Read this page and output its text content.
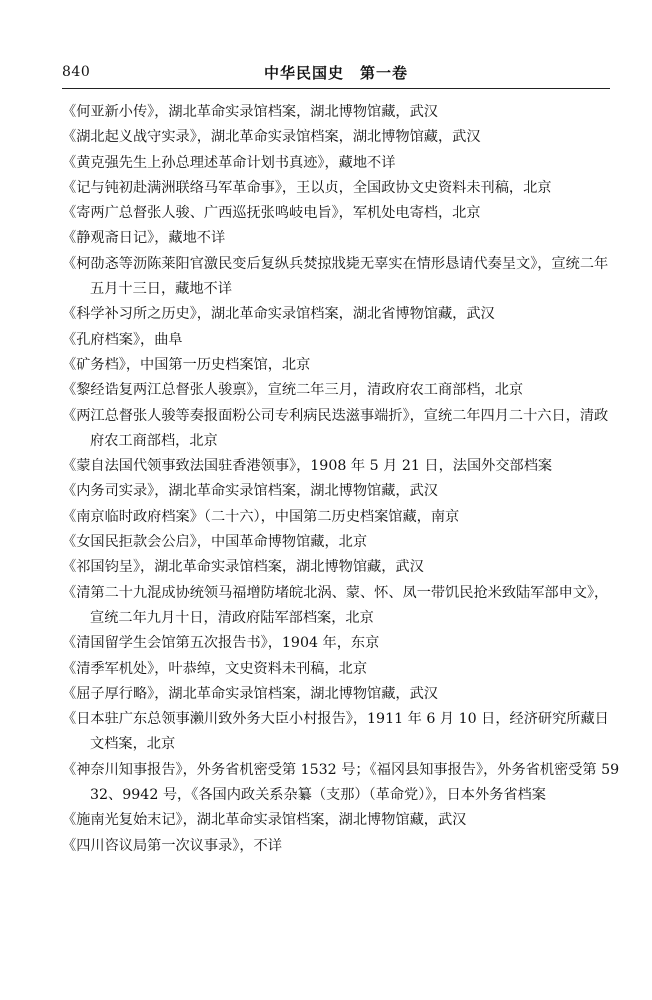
840	中华民国史　第一卷
《何亚新小传》，湖北革命实录馆档案，湖北博物馆藏，武汉
《湖北起义战守实录》，湖北革命实录馆档案，湖北博物馆藏，武汉
《黄克强先生上孙总理述革命计划书真迹》，藏地不详
《记与钝初赴满洲联络马军革命事》，王以贞，全国政协文史资料未刊稿，北京
《寄两广总督张人骏、广西巡抚张鸣岐电旨》，军机处电寄档，北京
《静观斋日记》，藏地不详
《柯劭忞等沥陈莱阳官激民变后复纵兵焚掠戕毙无辜实在情形恳请代奏呈文》，宣统二年五月十三日，藏地不详
《科学补习所之历史》，湖北革命实录馆档案，湖北省博物馆藏，武汉
《孔府档案》，曲阜
《矿务档》，中国第一历史档案馆，北京
《黎经诰复两江总督张人骏禀》，宣统二年三月，清政府农工商部档，北京
《两江总督张人骏等奏报面粉公司专利病民迭滋事端折》，宣统二年四月二十六日，清政府农工商部档，北京
《蒙自法国代领事致法国驻香港领事》，1908 年 5 月 21 日，法国外交部档案
《内务司实录》，湖北革命实录馆档案，湖北博物馆藏，武汉
《南京临时政府档案》（二十六），中国第二历史档案馆藏，南京
《女国民拒款会公启》，中国革命博物馆藏，北京
《祁国钧呈》，湖北革命实录馆档案，湖北博物馆藏，武汉
《清第二十九混成协统领马福增防堵皖北涡、蒙、怀、凤一带饥民抢米致陆军部申文》，宣统二年九月十日，清政府陆军部档案，北京
《清国留学生会馆第五次报告书》，1904 年，东京
《清季军机处》，叶恭绰，文史资料未刊稿，北京
《屈子厚行略》，湖北革命实录馆档案，湖北博物馆藏，武汉
《日本驻广东总领事濑川致外务大臣小村报告》，1911 年 6 月 10 日，经济研究所藏日文档案，北京
《神奈川知事报告》，外务省机密受第 1532 号；《福冈县知事报告》，外务省机密受第 5932、9942 号，《各国内政关系杂纂（支那）（革命党）》，日本外务省档案
《施南光复始末记》，湖北革命实录馆档案，湖北博物馆藏，武汉
《四川咨议局第一次议事录》，不详
